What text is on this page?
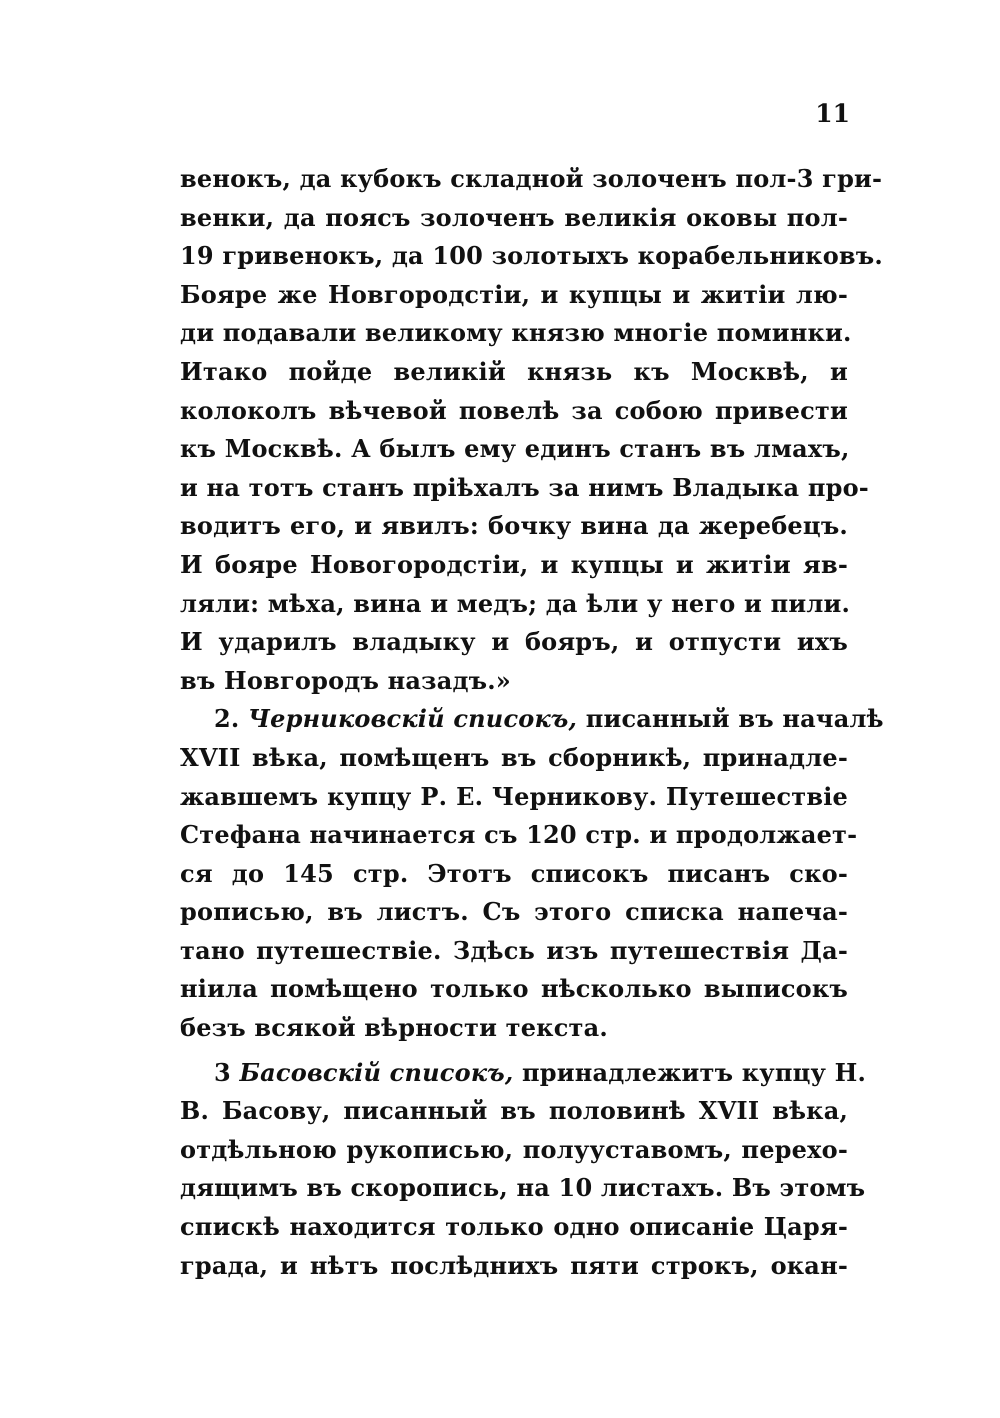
11
венокъ, да кубокъ складной золоченъ пол-3 гри-
венки, да поясъ золоченъ великія оковы пол-
19 гривенокъ, да 100 золотыхъ корабельниковъ.
Бояре же Новгородстіи, и купцы и житіи лю-
ди подавали великому князю многіе поминки.
Итако пойде великій князь къ Москвѣ, и
колоколъ вѣчевой повелѣ за собою привести
къ Москвѣ. А былъ ему единъ станъ въ лмахъ,
и на тотъ станъ пріѣхалъ за нимъ Владыка про-
водитъ его, и явилъ: бочку вина да жеребецъ.
И бояре Новогородстіи, и купцы и житіи яв-
ляли: мѣха, вина и медъ; да ѣли у него и пили.
И ударилъ владыку и бояръ, и отпусти ихъ
въ Новгородъ назадъ.»
2. Черниковскій списокъ, писанный въ началѣ
XVII вѣка, помѣщенъ въ сборникѣ, принадле-
жавшемъ купцу Р. Е. Черникову. Путешествіе
Стефана начинается съ 120 стр. и продолжает-
ся до 145 стр. Этотъ списокъ писанъ ско-
рописью, въ листъ. Съ этого списка напеча-
тано путешествіе. Здѣсь изъ путешествія Да-
ніила помѣщено только нѣсколько выписокъ
безъ всякой вѣрности текста.
3 Басовскій списокъ, принадлежитъ купцу Н.
В. Басову, писанный въ половинѣ XVII вѣка,
отдѣльною рукописью, полууставомъ, перехо-
дящимъ въ скоропись, на 10 листахъ. Въ этомъ
спискѣ находится только одно описаніе Царя-
града, и нѣтъ послѣднихъ пяти строкъ, окан-
